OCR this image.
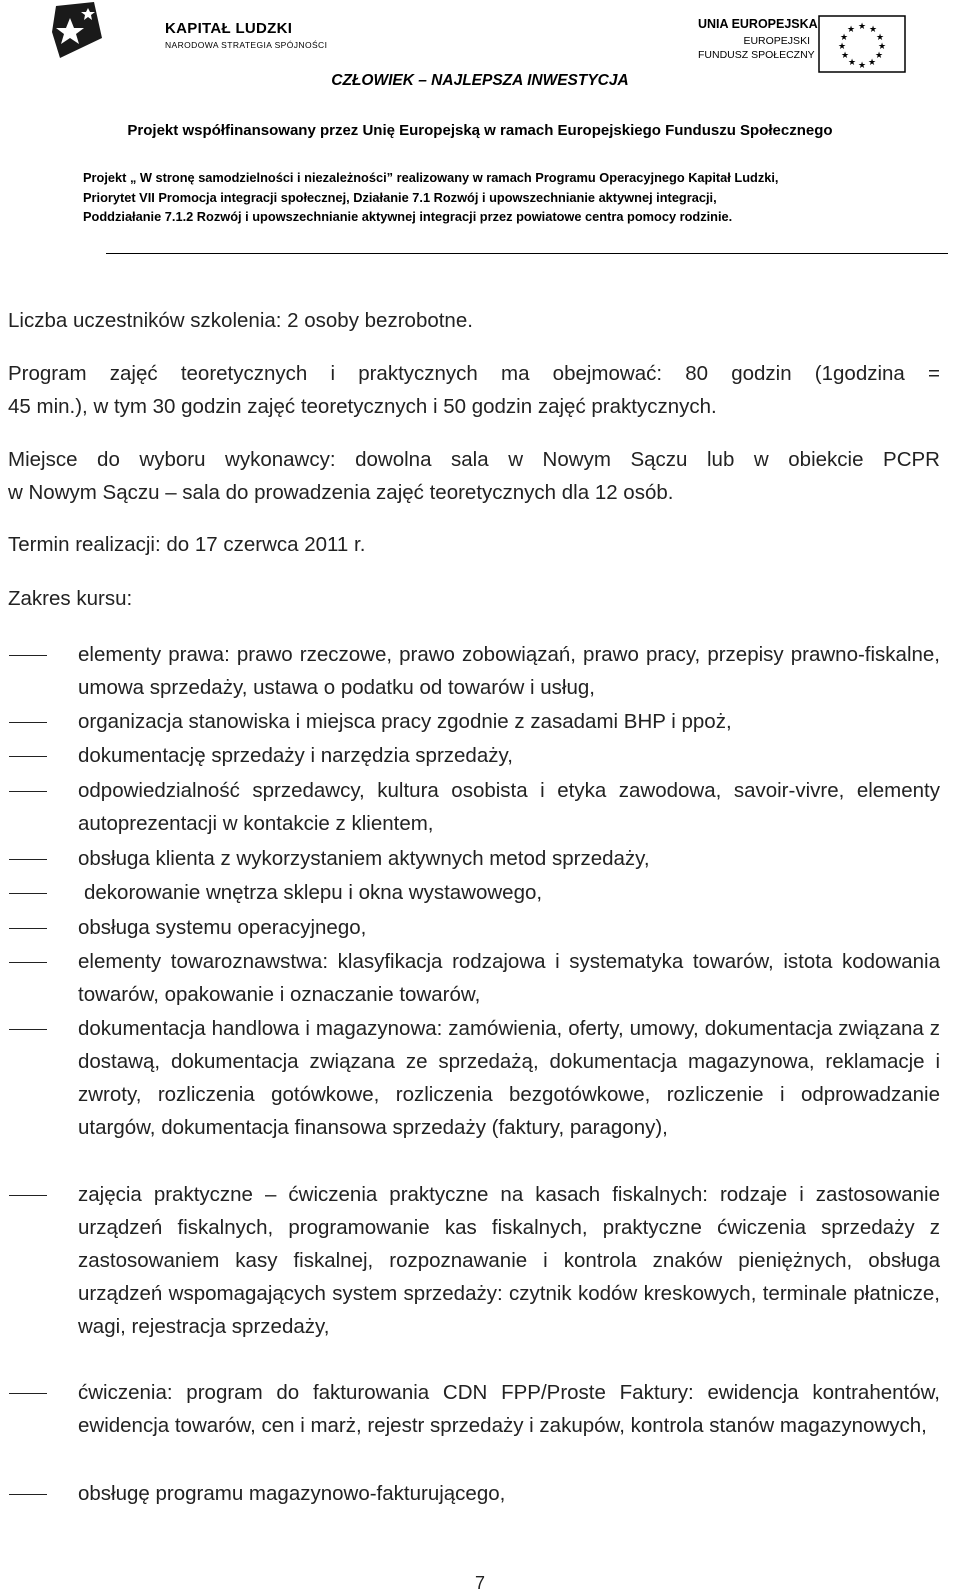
KAPITAŁ LUDZKI
NARODOWA STRATEGIA SPÓJNOŚCI
UNIA EUROPEJSKA
EUROPEJSKI
FUNDUSZ SPOŁECZNY
★ ★
★
★
★
★
★
★
★
★
★
★
CZŁOWIEK – NAJLEPSZA INWESTYCJA
Projekt współfinansowany przez Unię Europejską w ramach Europejskiego Funduszu Społecznego
Projekt „ W stronę samodzielności i niezależności” realizowany w ramach Programu Operacyjnego Kapitał Ludzki,
Priorytet VII Promocja integracji społecznej, Działanie 7.1 Rozwój i upowszechnianie aktywnej integracji,
Poddziałanie 7.1.2 Rozwój i upowszechnianie aktywnej integracji przez powiatowe centra pomocy rodzinie.
Liczba uczestników szkolenia: 2 osoby bezrobotne.
Program zajęć teoretycznych i praktycznych ma obejmować: 80 godzin (1godzina =
45 min.), w tym 30 godzin zajęć teoretycznych i 50 godzin zajęć praktycznych.
Miejsce do wyboru wykonawcy: dowolna sala w Nowym Sączu lub w obiekcie PCPR
w Nowym Sączu – sala do prowadzenia zajęć teoretycznych dla 12 osób.
Termin realizacji: do 17 czerwca 2011 r.
Zakres kursu:
elementy prawa: prawo rzeczowe, prawo zobowiązań, prawo pracy, przepisy prawno-fiskalne, umowa sprzedaży, ustawa o podatku od towarów i usług,
organizacja stanowiska i miejsca pracy zgodnie z zasadami BHP i ppoż,
dokumentację sprzedaży i narzędzia sprzedaży,
odpowiedzialność sprzedawcy, kultura osobista i etyka zawodowa, savoir-vivre, elementy autoprezentacji w kontakcie z klientem,
obsługa klienta z wykorzystaniem aktywnych metod sprzedaży,
dekorowanie wnętrza sklepu i okna wystawowego,
obsługa systemu operacyjnego,
elementy towaroznawstwa: klasyfikacja rodzajowa i systematyka towarów, istota kodowania towarów, opakowanie i oznaczanie towarów,
dokumentacja handlowa i magazynowa: zamówienia, oferty, umowy, dokumentacja związana z dostawą, dokumentacja związana ze sprzedażą, dokumentacja magazynowa, reklamacje i zwroty, rozliczenia gotówkowe, rozliczenia bezgotówkowe, rozliczenie i odprowadzanie utargów, dokumentacja finansowa sprzedaży (faktury, paragony),
zajęcia praktyczne – ćwiczenia praktyczne na kasach fiskalnych: rodzaje i zastosowanie urządzeń fiskalnych, programowanie kas fiskalnych, praktyczne ćwiczenia sprzedaży z zastosowaniem kasy fiskalnej, rozpoznawanie i kontrola znaków pieniężnych, obsługa urządzeń wspomagających system sprzedaży: czytnik kodów kreskowych, terminale płatnicze, wagi, rejestracja sprzedaży,
ćwiczenia: program do fakturowania CDN FPP/Proste Faktury: ewidencja kontrahentów, ewidencja towarów, cen i marż, rejestr sprzedaży i zakupów, kontrola stanów magazynowych,
obsługę programu magazynowo-fakturującego,
7
